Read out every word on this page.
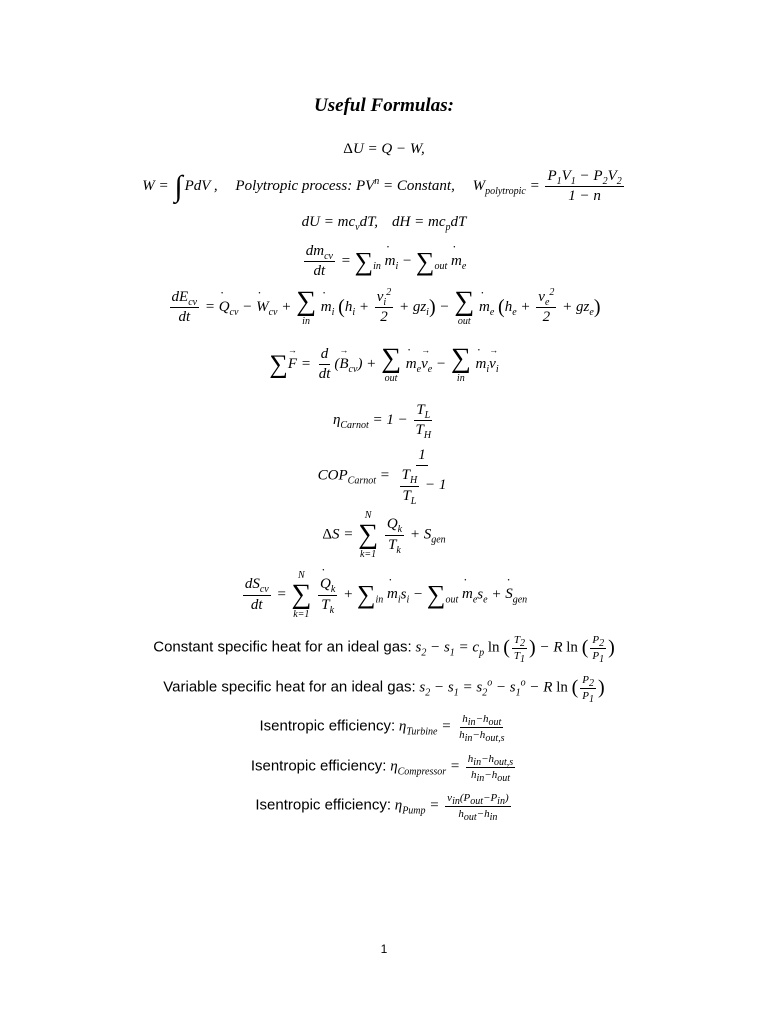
Useful Formulas:
ΔU = Q − W,
W = ∫ PdV , Polytropic process: $PV^n$ = Constant, $W_{polytropic} = \frac{P_1V_1 - P_2V_2}{1 - n}$
dU = $mc_vdT$, dH = $mc_pdT$
$\frac{dm_{cv}}{dt} = \sum_{in}$ ˙ $m_i - \sum_{out}$ ˙ $m_e$
$\frac{dE_{cv}}{dt}$ = ˙ $Q_{cv}$ − ˙ $W_{cv}$ + ∑
in
˙ $m_i$ $(h_i + \frac{v_i^2}{2} + gz_i)$ − ∑
out
˙ $m_e$ $(h_e + \frac{v_e^2}{2} + gz_e)$
∑→ $F = \frac{d}{dt}$ (→ $B_{cv}$) + ∑
out
˙ $m_e\to v_e$ − ∑
in
˙ $m_i\to v_i$
$\eta_{Carnot} = 1 - \frac{T_L}{T_H}$
$COP_{Carnot} = \frac{1}{\frac{T_H}{T_L} - 1}$
ΔS =
N
∑
k=1

$\frac{Q_k}{T_k} + S_{gen}$
$\frac{dS_{cv}}{dt}$ =
N
∑
k=1

˙ $\frac{Q_k}{T_k} + \sum_{in}$ ˙ $m_is_i - \sum_{out}$ ˙ $m_es_e$ + ˙ $S_{gen}$
Constant specific heat for an ideal gas: $s_2 - s_1 = c_p$ ln ( $\frac{T_2}{T_1}$ ) − R ln ( $\frac{P_2}{P_1}$ )
Variable specific heat for an ideal gas: $s_2 - s_1 = s_2^o - s_1^o - R$ ln ( $\frac{P_2}{P_1}$ )
Isentropic efficiency: $\eta_{Turbine} = \frac{h_{in}-h_{out}}{h_{in}-h_{out,s}}$
Isentropic efficiency: $\eta_{Compressor} = \frac{h_{in}-h_{out,s}}{h_{in}-h_{out}}$
Isentropic efficiency: $\eta_{Pump} = \frac{v_{in}(P_{out}-P_{in})}{h_{out}-h_{in}}$
1
